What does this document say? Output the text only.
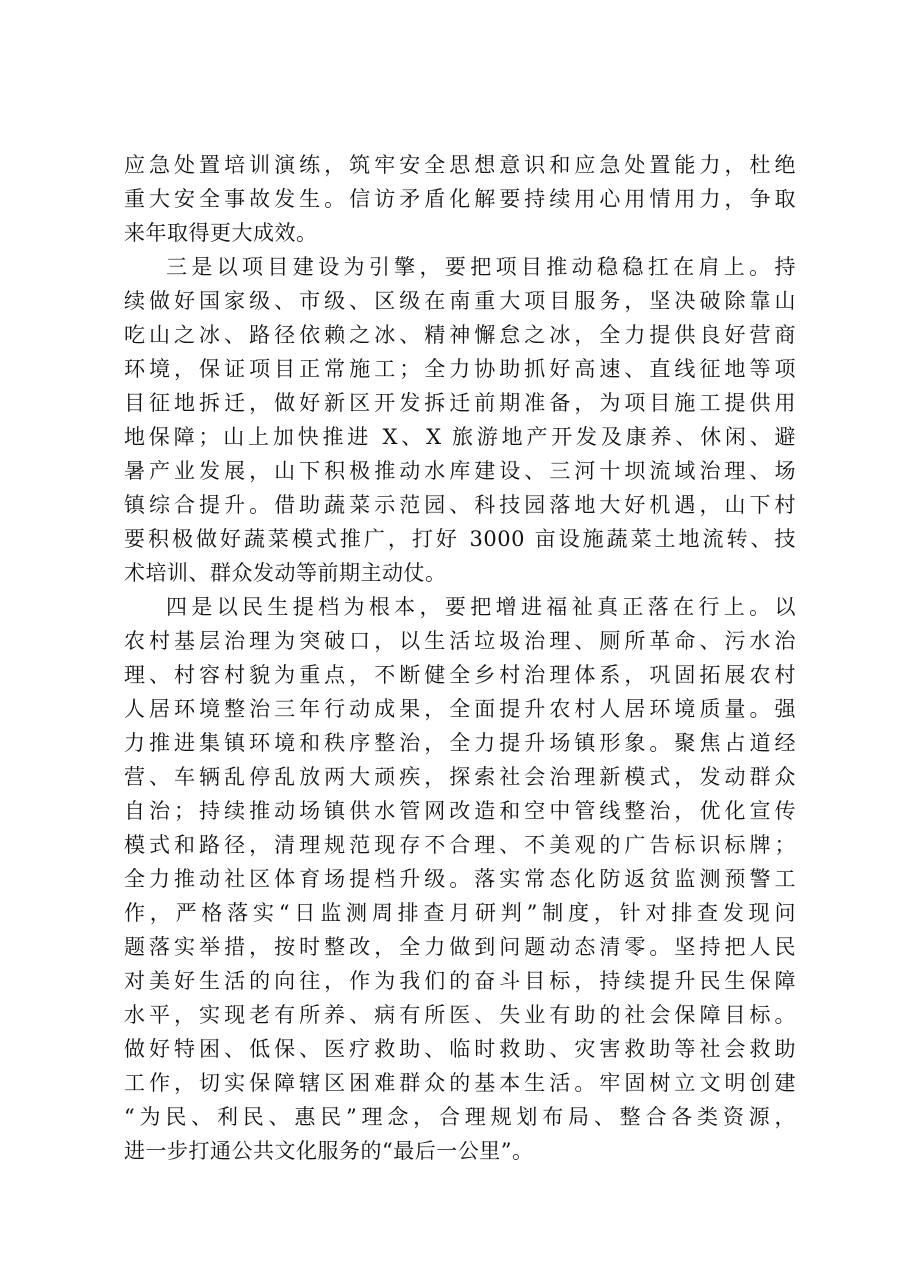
应急处置培训演练，筑牢安全思想意识和应急处置能力，杜绝
重大安全事故发生。信访矛盾化解要持续用心用情用力，争取
来年取得更大成效。
三是以项目建设为引擎，要把项目推动稳稳扛在肩上。持
续做好国家级、市级、区级在南重大项目服务，坚决破除靠山
吃山之冰、路径依赖之冰、精神懈怠之冰，全力提供良好营商
环境，保证项目正常施工；全力协助抓好高速、直线征地等项
目征地拆迁，做好新区开发拆迁前期准备，为项目施工提供用
地保障；山上加快推进 X、X 旅游地产开发及康养、休闲、避
暑产业发展，山下积极推动水库建设、三河十坝流域治理、场
镇综合提升。借助蔬菜示范园、科技园落地大好机遇，山下村
要积极做好蔬菜模式推广，打好 3000 亩设施蔬菜土地流转、技
术培训、群众发动等前期主动仗。
四是以民生提档为根本，要把增进福祉真正落在行上。以
农村基层治理为突破口，以生活垃圾治理、厕所革命、污水治
理、村容村貌为重点，不断健全乡村治理体系，巩固拓展农村
人居环境整治三年行动成果，全面提升农村人居环境质量。强
力推进集镇环境和秩序整治，全力提升场镇形象。聚焦占道经
营、车辆乱停乱放两大顽疾，探索社会治理新模式，发动群众
自治；持续推动场镇供水管网改造和空中管线整治，优化宣传
模式和路径，清理规范现存不合理、不美观的广告标识标牌；
全力推动社区体育场提档升级。落实常态化防返贫监测预警工
作，严格落实“日监测周排查月研判”制度，针对排查发现问
题落实举措，按时整改，全力做到问题动态清零。坚持把人民
对美好生活的向往，作为我们的奋斗目标，持续提升民生保障
水平，实现老有所养、病有所医、失业有助的社会保障目标。
做好特困、低保、医疗救助、临时救助、灾害救助等社会救助
工作，切实保障辖区困难群众的基本生活。牢固树立文明创建
“为民、利民、惠民”理念，合理规划布局、整合各类资源，
进一步打通公共文化服务的“最后一公里”。
